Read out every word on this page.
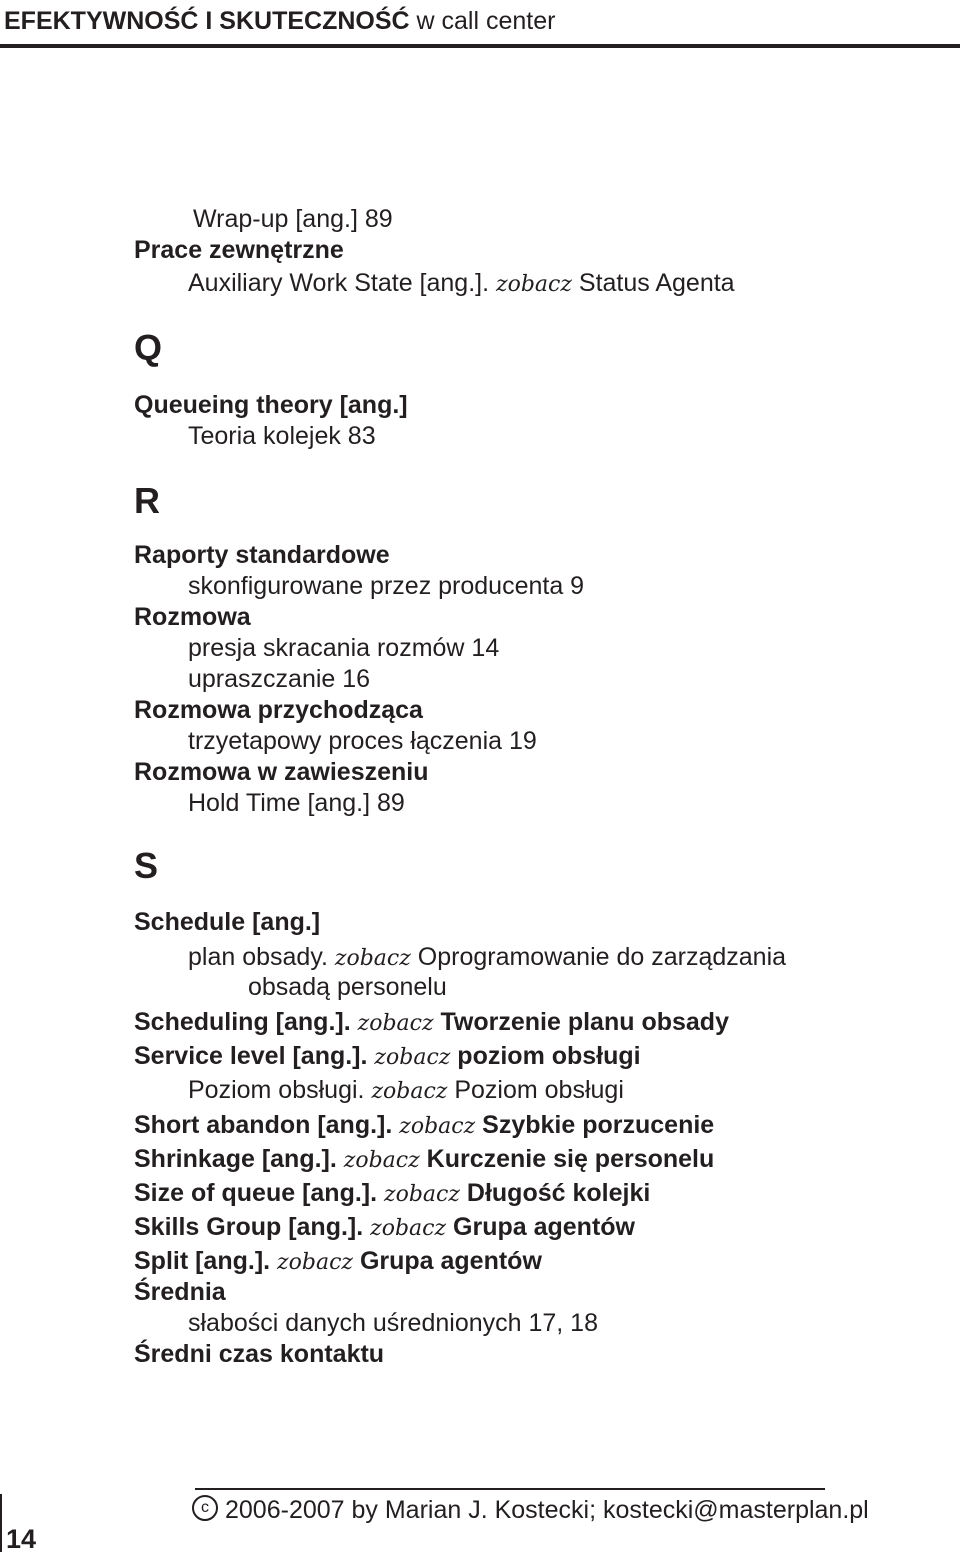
EFEKTYWNOŚĆ I SKUTECZNOŚĆ w call center
Wrap-up [ang.] 89
Prace zewnętrzne
Auxiliary Work State [ang.]. zobacz Status Agenta
Q
Queueing theory [ang.]
Teoria kolejek 83
R
Raporty standardowe
skonfigurowane przez producenta 9
Rozmowa
presja skracania rozmów 14
upraszczanie 16
Rozmowa przychodząca
trzyetapowy proces łączenia 19
Rozmowa w zawieszeniu
Hold Time [ang.] 89
S
Schedule [ang.]
plan obsady. zobacz Oprogramowanie do zarządzania
obsadą personelu
Scheduling [ang.]. zobacz Tworzenie planu obsady
Service level [ang.]. zobacz poziom obsługi
Poziom obsługi. zobacz Poziom obsługi
Short abandon [ang.]. zobacz Szybkie porzucenie
Shrinkage [ang.]. zobacz Kurczenie się personelu
Size of queue [ang.]. zobacz Długość kolejki
Skills Group [ang.]. zobacz Grupa agentów
Split [ang.]. zobacz Grupa agentów
Średnia
słabości danych uśrednionych 17, 18
Średni czas kontaktu
c 2006-2007 by Marian J. Kostecki; kostecki@masterplan.pl
14
